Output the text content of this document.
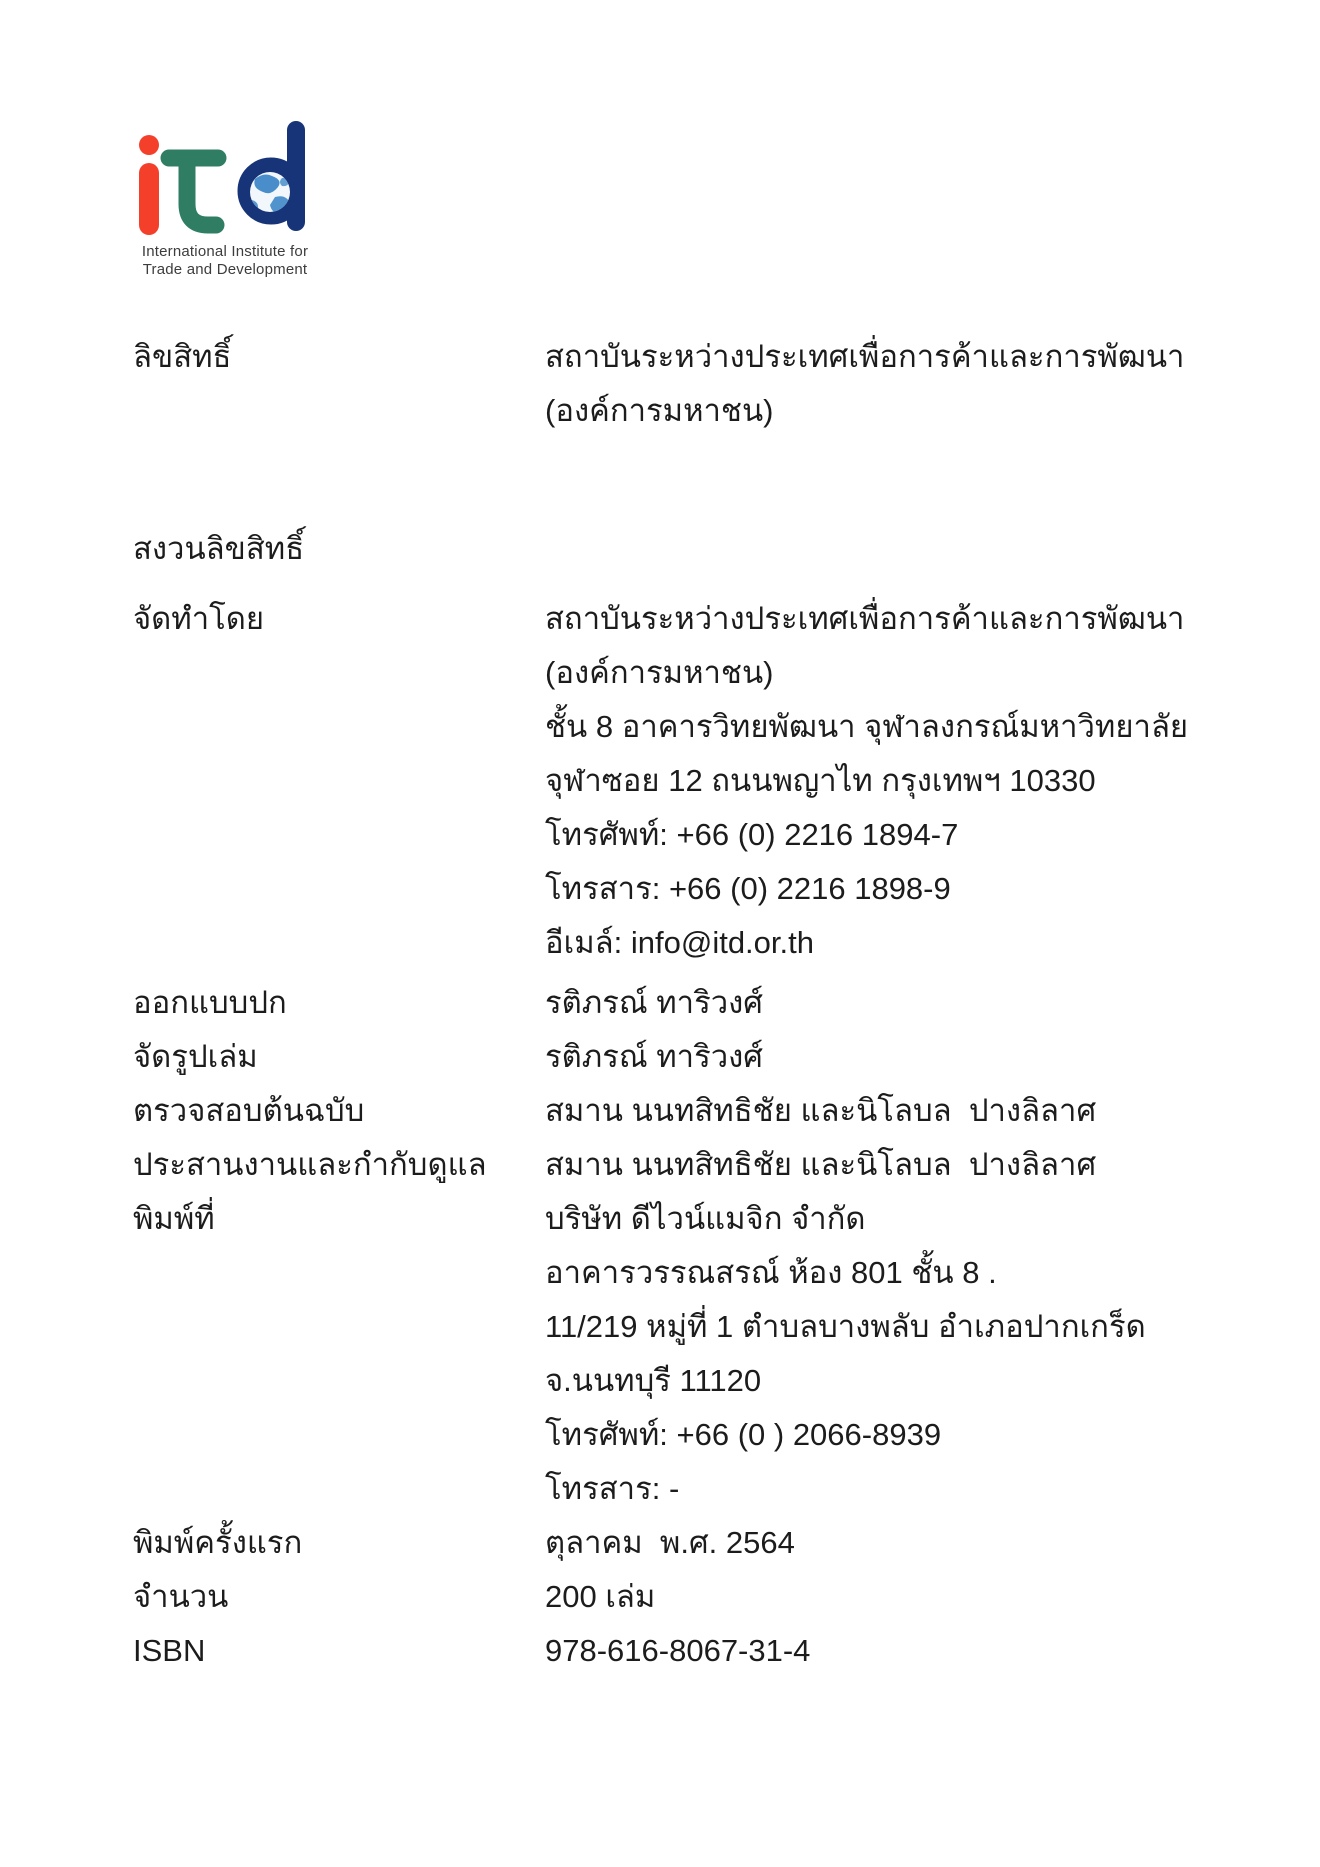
International Institute for
Trade and Development
ลิขสิทธิ์	สถาบันระหว่างประเทศเพื่อการค้าและการพัฒนา (องค์การมหาชน)
สงวนลิขสิทธิ์
จัดทำโดย	สถาบันระหว่างประเทศเพื่อการค้าและการพัฒนา (องค์การมหาชน)
ชั้น 8 อาคารวิทยพัฒนา จุฬาลงกรณ์มหาวิทยาลัย
จุฬาซอย 12 ถนนพญาไท กรุงเทพฯ 10330
โทรศัพท์: +66 (0) 2216 1894-7
โทรสาร: +66 (0) 2216 1898-9
อีเมล์: info@itd.or.th
ออกแบบปก	รติภรณ์ ทาริวงศ์
จัดรูปเล่ม	รติภรณ์ ทาริวงศ์
ตรวจสอบต้นฉบับ	สมาน นนทสิทธิชัย และนิโลบล  ปางลิลาศ
ประสานงานและกำกับดูแล	สมาน นนทสิทธิชัย และนิโลบล  ปางลิลาศ
พิมพ์ที่	บริษัท ดีไวน์แมจิก จำกัด
อาคารวรรณสรณ์ ห้อง 801 ชั้น 8 .
11/219 หมู่ที่ 1 ตำบลบางพลับ อำเภอปากเกร็ด
จ.นนทบุรี 11120
โทรศัพท์: +66 (0 ) 2066-8939
โทรสาร: -
พิมพ์ครั้งแรก	ตุลาคม  พ.ศ. 2564
จำนวน	200 เล่ม
ISBN	978-616-8067-31-4
